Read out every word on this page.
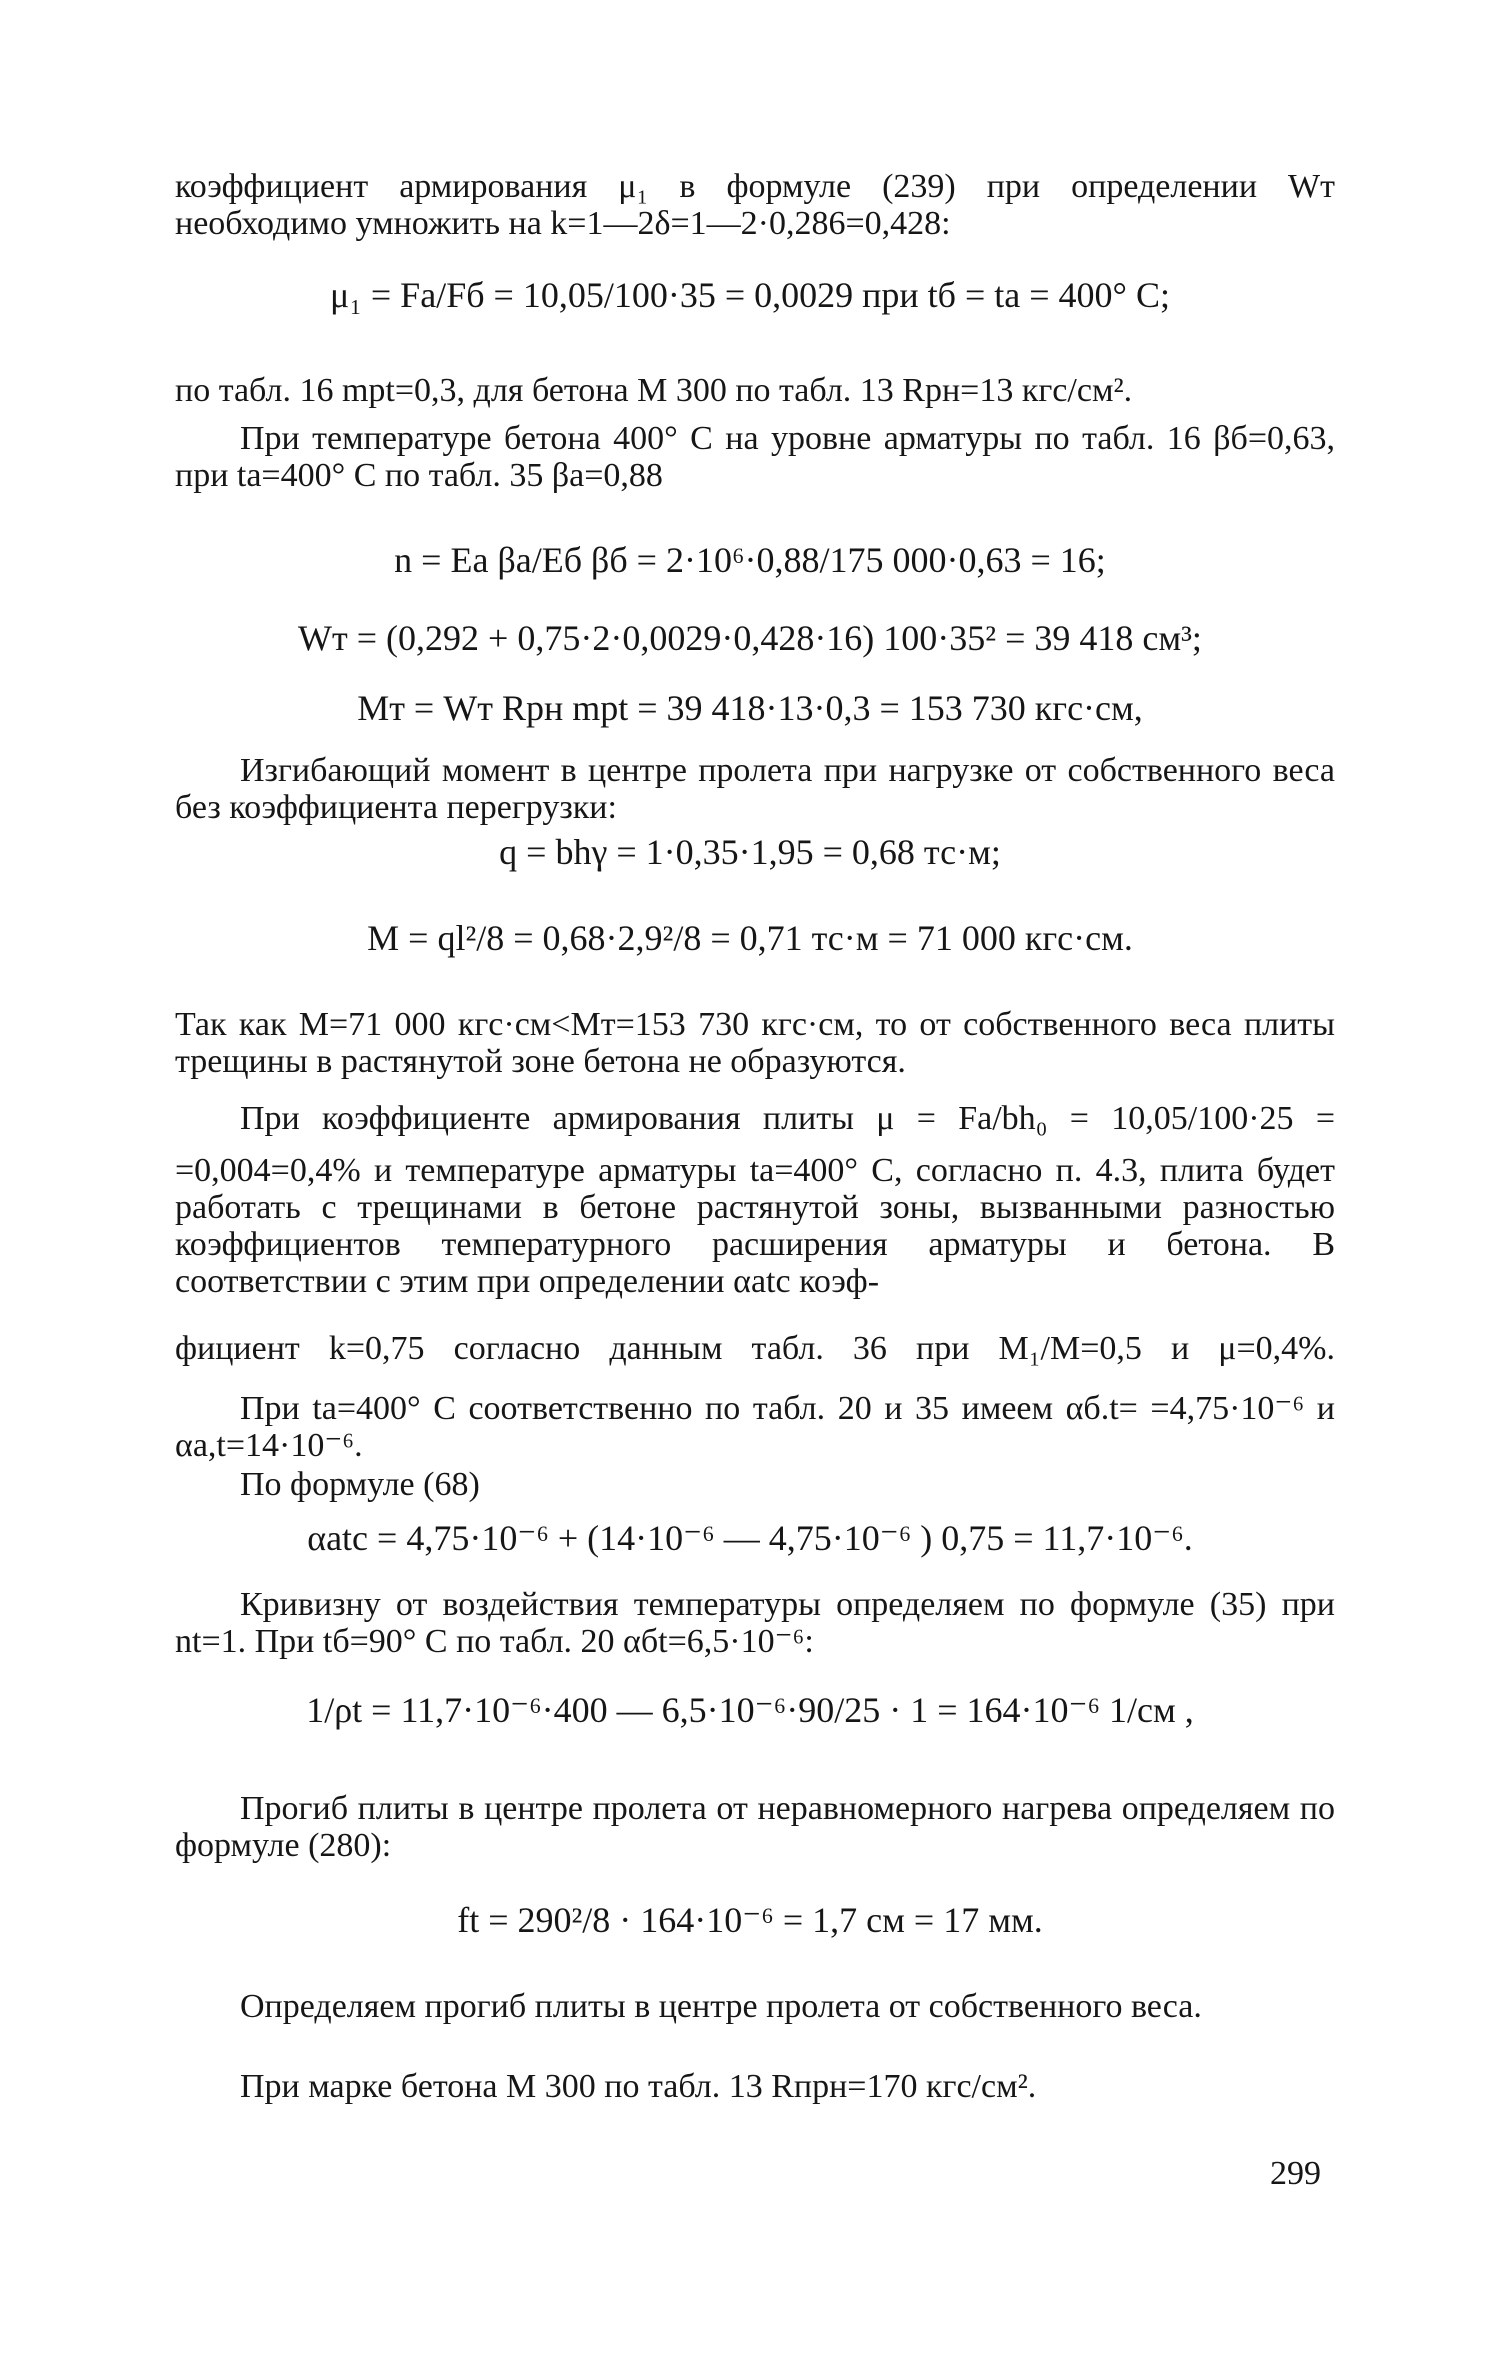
коэффициент армирования μ₁ в формуле (239) при определении Wт необходимо умножить на k=1—2δ=1—2·0,286=0,428:

μ₁ = Fа/Fб = 10,05/100·35 = 0,0029 при tб = tа = 400° С;

по табл. 16 mрt=0,3, для бетона М 300 по табл. 13 Rрн=13 кгс/см².

При температуре бетона 400° С на уровне арматуры по табл. 16 βб=0,63, при tа=400° С по табл. 35 βа=0,88

n = Eа βа/Eб βб = 2·10⁶·0,88/175 000·0,63 = 16;

Wт = (0,292 + 0,75·2·0,0029·0,428·16) 100·35² = 39 418 см³;

Mт = Wт Rрн mрt = 39 418·13·0,3 = 153 730 кгс·см,

Изгибающий момент в центре пролета при нагрузке от собственного веса без коэффициента перегрузки:

q = bhγ = 1·0,35·1,95 = 0,68 тс·м;

M = ql²/8 = 0,68·2,9²/8 = 0,71 тс·м = 71 000 кгс·см.

Так как М=71 000 кгс·см<Мт=153 730 кгс·см, то от собственного веса плиты трещины в растянутой зоне бетона не образуются.

При коэффициенте армирования плиты μ = Fа/bh₀ = 10,05/100·25 =

=0,004=0,4% и температуре арматуры tа=400° С, согласно п. 4.3, плита будет работать с трещинами в бетоне растянутой зоны, вызванными разностью коэффициентов температурного расширения арматуры и бетона. В соответствии с этим при определении αatc коэф-

фициент k=0,75 согласно данным табл. 36 при M₁/M=0,5 и μ=0,4%.

При tа=400° С соответственно по табл. 20 и 35 имеем αб.t= =4,75·10⁻⁶ и αа,t=14·10⁻⁶.

По формуле (68)

αatc = 4,75·10⁻⁶ + (14·10⁻⁶ — 4,75·10⁻⁶ ) 0,75 = 11,7·10⁻⁶.

Кривизну от воздействия температуры определяем по формуле (35) при nt=1. При tб=90° С по табл. 20 αбt=6,5·10⁻⁶:

1/ρt = 11,7·10⁻⁶·400 — 6,5·10⁻⁶·90/25 · 1 = 164·10⁻⁶ 1/см ,

Прогиб плиты в центре пролета от неравномерного нагрева определяем по формуле (280):

ft = 290²/8 · 164·10⁻⁶ = 1,7 см = 17 мм.

Определяем прогиб плиты в центре пролета от собственного веса.

При марке бетона М 300 по табл. 13 Rпрн=170 кгс/см².

299
